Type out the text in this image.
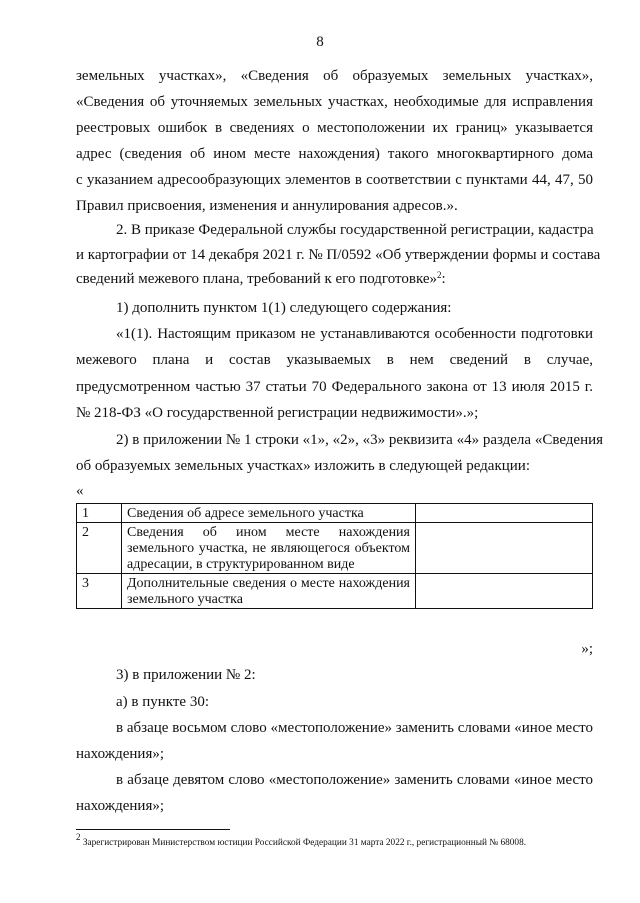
8
земельных участках», «Сведения об образуемых земельных участках»,
«Сведения об уточняемых земельных участках, необходимые для исправления
реестровых ошибок в сведениях о местоположении их границ» указывается
адрес (сведения об ином месте нахождения) такого многоквартирного дома
с указанием адресообразующих элементов в соответствии с пунктами 44, 47, 50
Правил присвоения, изменения и аннулирования адресов.».
2. В приказе Федеральной службы государственной регистрации, кадастра
и картографии от 14 декабря 2021 г. № П/0592 «Об утверждении формы и состава
сведений межевого плана, требований к его подготовке»$^2$:
1) дополнить пунктом 1(1) следующего содержания:
«1(1). Настоящим приказом не устанавливаются особенности подготовки
межевого плана и состав указываемых в нем сведений в случае,
предусмотренном частью 37 статьи 70 Федерального закона от 13 июля 2015 г.
№ 218-ФЗ «О государственной регистрации недвижимости».»;
2) в приложении № 1 строки «1», «2», «3» реквизита «4» раздела «Сведения
об образуемых земельных участках» изложить в следующей редакции:
«
1	Сведения об адресе земельного участка	
2	Сведения об ином месте нахождения земельного участка, не являющегося объектом адресации, в структурированном виде	
3	Дополнительные сведения о месте нахождения земельного участка	
»;
3) в приложении № 2:
а) в пункте 30:
в абзаце восьмом слово «местоположение» заменить словами «иное место
нахождения»;
в абзаце девятом слово «местоположение» заменить словами «иное место
нахождения»;
$^2$ Зарегистрирован Министерством юстиции Российской Федерации 31 марта 2022 г., регистрационный № 68008.
